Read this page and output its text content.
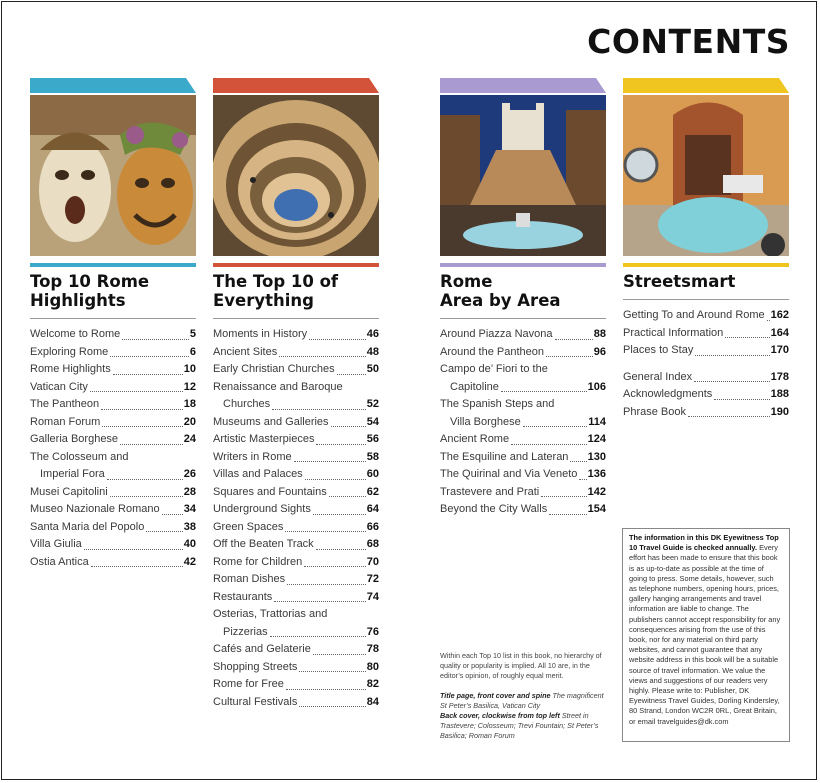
CONTENTS
Top 10 Rome
Highlights
Welcome to Rome	5
Exploring Rome	6
Rome Highlights	10
Vatican City	12
The Pantheon	18
Roman Forum	20
Galleria Borghese	24
The Colosseum and
Imperial Fora	26
Musei Capitolini	28
Museo Nazionale Romano 34
Santa Maria del Popolo	38
Villa Giulia	40
Ostia Antica	42
The Top 10 of
Everything
Moments in History	46
Ancient Sites	48
Early Christian Churches	50
Renaissance and Baroque
Churches	52
Museums and Galleries	54
Artistic Masterpieces	56
Writers in Rome	58
Villas and Palaces	60
Squares and Fountains	62
Underground Sights	64
Green Spaces	66
Off the Beaten Track	68
Rome for Children	70
Roman Dishes	72
Restaurants	74
Osterias, Trattorias and
Pizzerias	76
Cafés and Gelaterie	78
Shopping Streets	80
Rome for Free	82
Cultural Festivals	84
Rome
Area by Area
Around Piazza Navona	88
Around the Pantheon	96
Campo de’ Fiori to the
Capitoline	106
The Spanish Steps and
Villa Borghese	114
Ancient Rome	124
The Esquiline and Lateran 130
The Quirinal and Via Veneto 136
Trastevere and Prati	142
Beyond the City Walls	154
Streetsmart
Getting To and Around Rome 162
Practical Information	164
Places to Stay	170
General Index	178
Acknowledgments	188
Phrase Book	190
Within each Top 10 list in this book, no hierarchy of quality or popularity is implied. All 10 are, in the editor’s opinion, of roughly equal merit.
Title page, front cover and spine The magnificent St Peter’s Basilica, Vatican City
Back cover, clockwise from top left Street in Trastevere; Colosseum; Trevi Fountain; St Peter’s Basilica; Roman Forum
The information in this DK Eyewitness Top 10 Travel Guide is checked annually. Every effort has been made to ensure that this book is as up-to-date as possible at the time of going to press. Some details, however, such as telephone numbers, opening hours, prices, gallery hanging arrangements and travel information are liable to change. The publishers cannot accept responsibility for any consequences arising from the use of this book, nor for any material on third party websites, and cannot guarantee that any website address in this book will be a suitable source of travel information. We value the views and suggestions of our readers very highly. Please write to: Publisher, DK Eyewitness Travel Guides, Dorling Kindersley, 80 Strand, London WC2R 0RL, Great Britain, or email travelguides@dk.com
